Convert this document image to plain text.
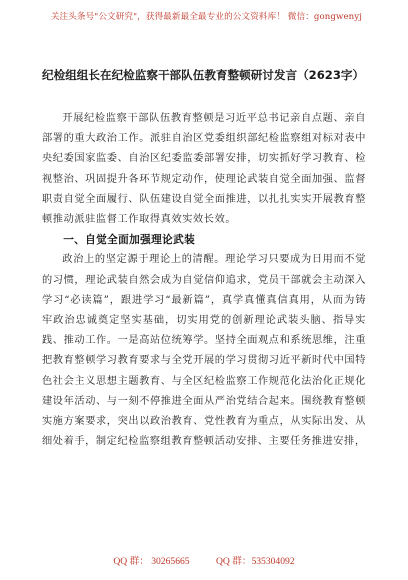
关注头条号"公文研究"，获得最新最全最专业的公文资料库！ 微信：gongwenyj
纪检组组长在纪检监察干部队伍教育整顿研讨发言（2623字）

开展纪检监察干部队伍教育整顿是习近平总书记亲自点题、亲自部署的重大政治工作。派驻自治区党委组织部纪检监察组对标对表中央纪委国家监委、自治区纪委监委部署安排，切实抓好学习教育、检视整治、巩固提升各环节规定动作，使理论武装自觉全面加强、监督职责自觉全面履行、队伍建设自觉全面推进，以扎扎实实开展教育整顿推动派驻监督工作取得真效实效长效。

一、自觉全面加强理论武装

政治上的坚定源于理论上的清醒。理论学习只要成为日用而不觉的习惯，理论武装自然会成为自觉信仰追求，党员干部就会主动深入学习“必读篇”，跟进学习“最新篇”，真学真懂真信真用，从而为铸牢政治忠诚奠定坚实基础，切实用党的创新理论武装头脑、指导实践、推动工作。一是高站位统筹学。坚持全面观点和系统思维，注重把教育整顿学习教育要求与全党开展的学习贯彻习近平新时代中国特色社会主义思想主题教育、与全区纪检监察工作规范化法治化正规化建设年活动、与一刻不停推进全面从严治党结合起来。围绕教育整顿实施方案要求，突出以政治教育、党性教育为重点，从实际出发、从细处着手，制定纪检监察组教育整顿活动安排、主要任务推进安排，

QQ 群： 30265665	QQ 群：535304092
